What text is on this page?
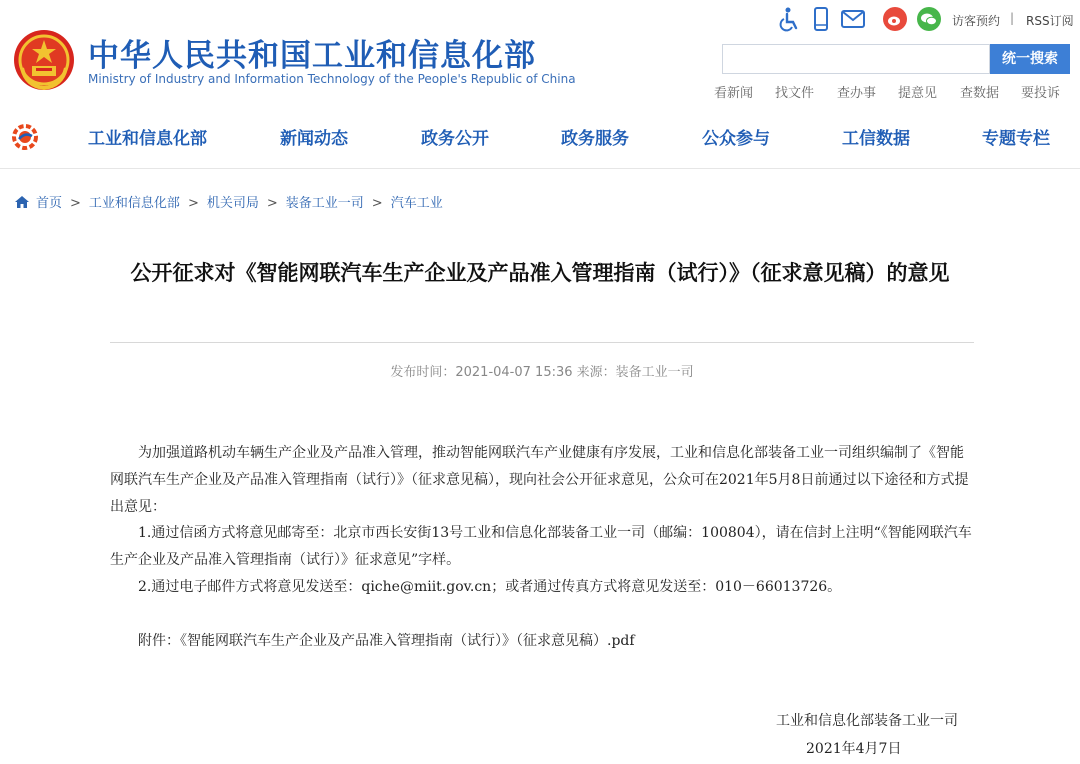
中华人民共和国工业和信息化部
Ministry of Industry and Information Technology of the People's Republic of China
访客预约 | RSS订阅
统一搜索
看新闻 找文件 查办事 提意见 查数据 要投诉
工业和信息化部	新闻动态	政务公开	政务服务	公众参与	工信数据	专题专栏
首页 > 工业和信息化部 > 机关司局 > 装备工业一司 > 汽车工业
公开征求对《智能网联汽车生产企业及产品准入管理指南（试行）》（征求意见稿）的意见
发布时间：2021-04-07 15:36 来源：装备工业一司
为加强道路机动车辆生产企业及产品准入管理，推动智能网联汽车产业健康有序发展，工业和信息化部装备工业一司组织编制了《智能网联汽车生产企业及产品准入管理指南（试行）》（征求意见稿），现向社会公开征求意见，公众可在2021年5月8日前通过以下途径和方式提出意见：
1.通过信函方式将意见邮寄至：北京市西长安街13号工业和信息化部装备工业一司（邮编：100804），请在信封上注明“《智能网联汽车生产企业及产品准入管理指南（试行）》征求意见”字样。
2.通过电子邮件方式将意见发送至：qiche@miit.gov.cn；或者通过传真方式将意见发送至：010－66013726。
附件：《智能网联汽车生产企业及产品准入管理指南（试行）》（征求意见稿）.pdf
工业和信息化部装备工业一司
2021年4月7日
